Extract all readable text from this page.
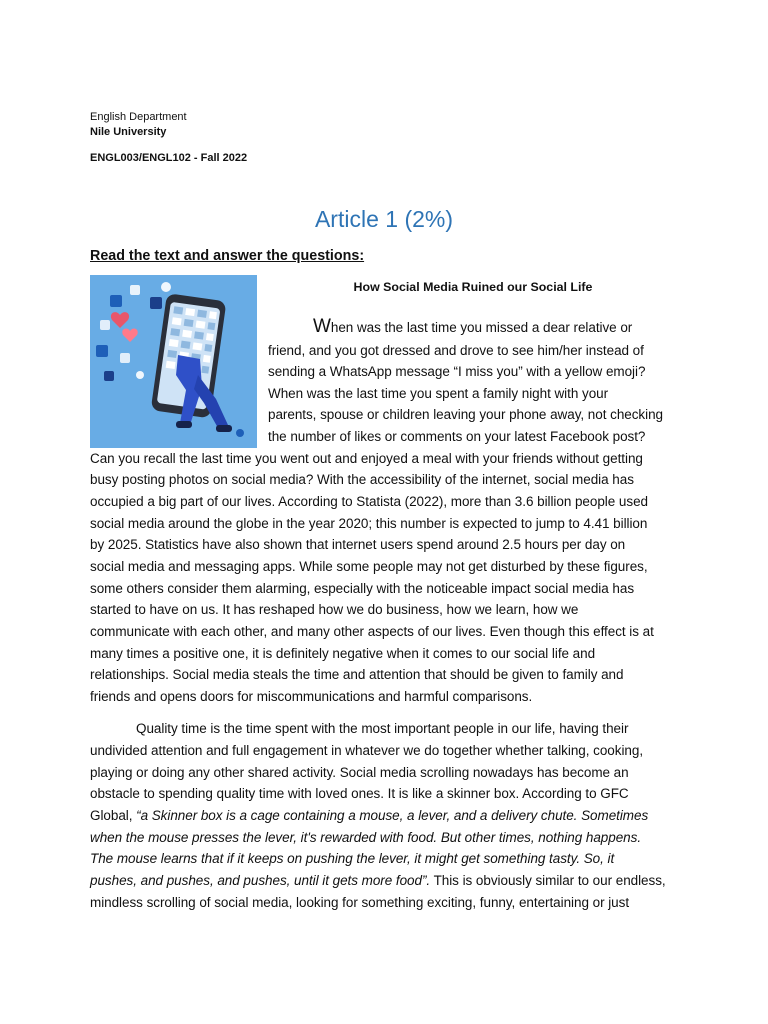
English Department
Nile University
ENGL003/ENGL102 - Fall 2022
Article 1 (2%)
Read the text and answer the questions:
How Social Media Ruined our Social Life
When was the last time you missed a dear relative or
friend, and you got dressed and drove to see him/her instead of
sending a WhatsApp message “I miss you” with a yellow emoji?
When was the last time you spent a family night with your
parents, spouse or children leaving your phone away, not checking
the number of likes or comments on your latest Facebook post?
Can you recall the last time you went out and enjoyed a meal with your friends without getting
busy posting photos on social media? With the accessibility of the internet, social media has
occupied a big part of our lives. According to Statista (2022), more than 3.6 billion people used
social media around the globe in the year 2020; this number is expected to jump to 4.41 billion
by 2025. Statistics have also shown that internet users spend around 2.5 hours per day on
social media and messaging apps. While some people may not get disturbed by these figures,
some others consider them alarming, especially with the noticeable impact social media has
started to have on us. It has reshaped how we do business, how we learn, how we
communicate with each other, and many other aspects of our lives. Even though this effect is at
many times a positive one, it is definitely negative when it comes to our social life and
relationships. Social media steals the time and attention that should be given to family and
friends and opens doors for miscommunications and harmful comparisons.
Quality time is the time spent with the most important people in our life, having their
undivided attention and full engagement in whatever we do together whether talking, cooking,
playing or doing any other shared activity. Social media scrolling nowadays has become an
obstacle to spending quality time with loved ones. It is like a skinner box. According to GFC
Global, “a Skinner box is a cage containing a mouse, a lever, and a delivery chute. Sometimes
when the mouse presses the lever, it's rewarded with food. But other times, nothing happens.
The mouse learns that if it keeps on pushing the lever, it might get something tasty. So, it
pushes, and pushes, and pushes, until it gets more food”. This is obviously similar to our endless,
mindless scrolling of social media, looking for something exciting, funny, entertaining or just
